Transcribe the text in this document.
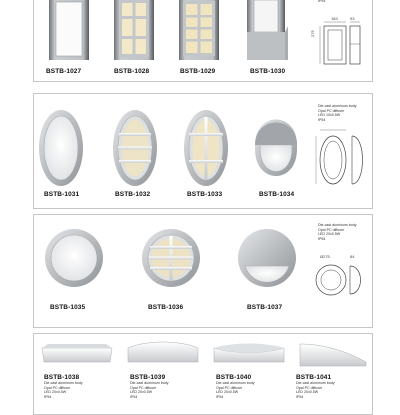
BSTB-1027	BSTB-1028	BSTB-1029	BSTB-1030
IP54
183	93
275
BSTB-1031	BSTB-1032	BSTB-1033	BSTB-1034
Die-cast aluminum body
Opal PC diffuser
LED 10x0.5W
IP54
BSTB-1035	BSTB-1036	BSTB-1037
Die-cast aluminum body
Opal PC diffuser
LED 20x0.5W
IP54
Ø275	84
BSTB-1038
Die-cast aluminum body
Opal PC diffuser
LED 20x0.5W
IP54
BSTB-1039
Die-cast aluminum body
Opal PC diffuser
LED 20x0.5W
IP54
BSTB-1040
Die-cast aluminum body
Opal PC diffuser
LED 20x0.5W
IP54
BSTB-1041
Die-cast aluminum body
Opal PC diffuser
LED 20x0.5W
IP54
